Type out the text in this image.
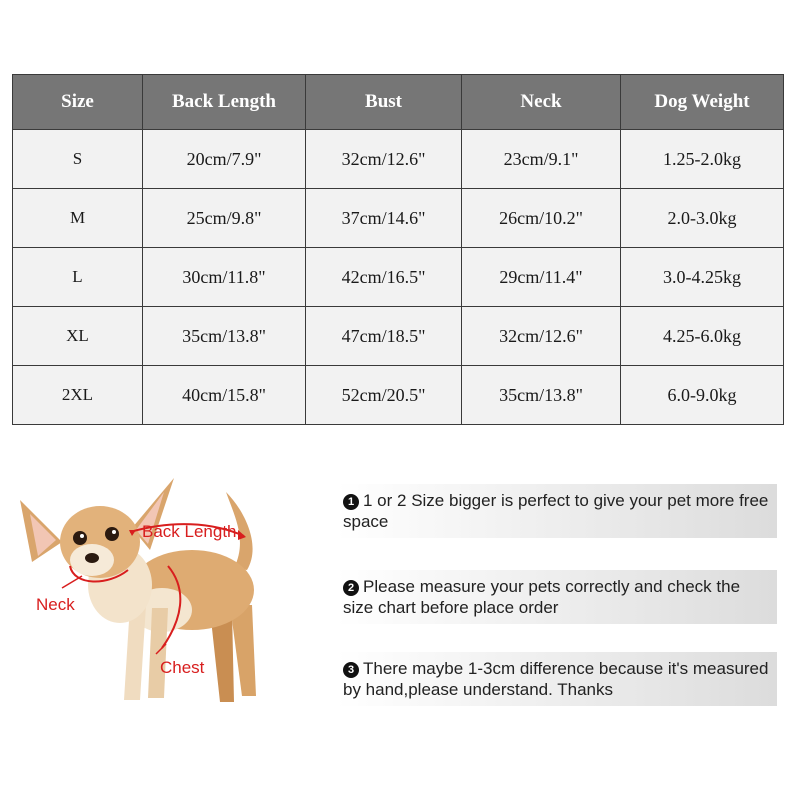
Size	Back Length	Bust	Neck	Dog Weight
S	20cm/7.9"	32cm/12.6"	23cm/9.1"	1.25-2.0kg
M	25cm/9.8"	37cm/14.6"	26cm/10.2"	2.0-3.0kg
L	30cm/11.8"	42cm/16.5"	29cm/11.4"	3.0-4.25kg
XL	35cm/13.8"	47cm/18.5"	32cm/12.6"	4.25-6.0kg
2XL	40cm/15.8"	52cm/20.5"	35cm/13.8"	6.0-9.0kg
Back Length
Neck
Chest
1 1 or 2 Size bigger is perfect to give your pet more free space
2 Please measure your pets correctly and check the size chart before place order
3 There maybe 1-3cm difference because it's measured by hand,please understand. Thanks
